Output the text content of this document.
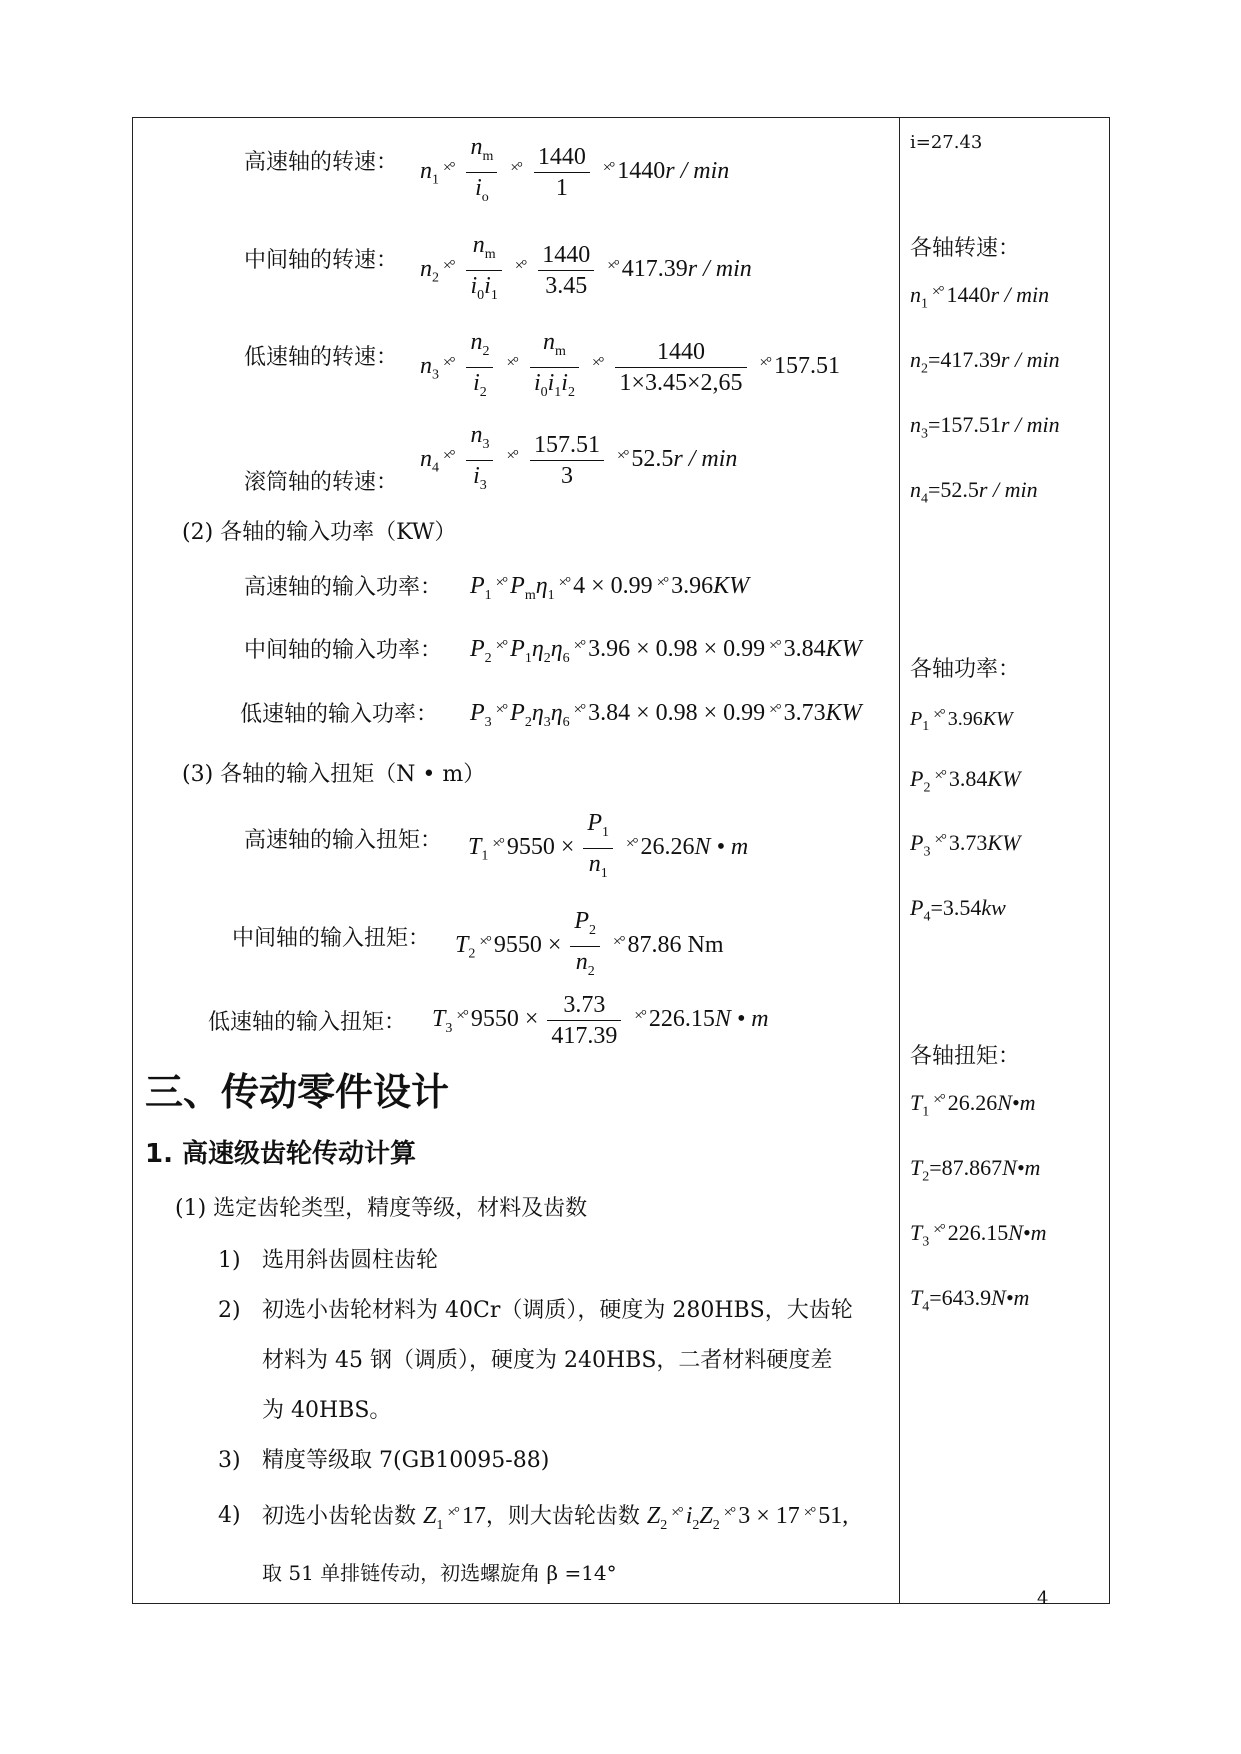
高速轴的转速： $n_1^{\times^\circ} \frac{n_m}{i_o} ^{\times^\circ} \frac{1440}{1} ^{\times^\circ}$ 1440r / min
中间轴的转速： $n_2^{\times^\circ} \frac{n_m}{i_0i_1} ^{\times^\circ} \frac{1440}{3.45} ^{\times^\circ}$ 417.39r / min
低速轴的转速： $n_3^{\times^\circ} \frac{n_2}{i_2} ^{\times^\circ} \frac{n_m}{i_0i_1i_2} ^{\times^\circ} \frac{1440}{1\times 3.45\times 2,65} ^{\times^\circ}$ 157.51
$n_4^{\times^\circ} \frac{n_3}{i_3} ^{\times^\circ} \frac{157.51}{3} ^{\times^\circ}$ 52.5r / min
滚筒轴的转速：
(2) 各轴的输入功率（KW）
高速轴的输入功率： $P_1^{\times^\circ}$ $P_m\eta_1^{\times^\circ}$ 4 × 0.99 ×° 3.96KW
中间轴的输入功率： $P_2^{\times^\circ}$ $P_1\eta_2\eta_6^{\times^\circ}$ 3.96 × 0.98 × 0.99 ×° 3.84KW
低速轴的输入功率： $P_3^{\times^\circ}$ $P_2\eta_3\eta_6^{\times^\circ}$ 3.84 × 0.98 × 0.99 ×° 3.73KW
(3) 各轴的输入扭矩（N • m）
高速轴的输入扭矩： $T_1^{\times^\circ}$ $9550 \times \frac{P_1}{n_1} ^{\times^\circ}$ 26.26N • m
中间轴的输入扭矩： $T_2^{\times^\circ}$ $9550 \times \frac{P_2}{n_2} ^{\times^\circ}$ 87.86 Nm
低速轴的输入扭矩： $T_3^{\times^\circ}$ $9550 \times \frac{3.73}{417.39} ^{\times^\circ}$ 226.15N • m
三、传动零件设计
1. 高速级齿轮传动计算
(1) 选定齿轮类型，精度等级，材料及齿数
1) 选用斜齿圆柱齿轮
2) 初选小齿轮材料为 40Cr（调质），硬度为 280HBS，大齿轮
材料为 45 钢（调质），硬度为 240HBS，二者材料硬度差
为 40HBS。
3) 精度等级取 7(GB10095-88)
4) 初选小齿轮齿数 $Z_1^{\times^\circ}$ 17，则大齿轮齿数 $Z_2^{\times^\circ}$ $i_2Z_2^{\times^\circ}$ 3 × 17 ×° 51,
取 51 单排链传动，初选螺旋角 β =14°
i=27.43
各轴转速：
$n_1^{\times^\circ}$ 1440r / min
$n_2=417.39r / \min$
$n_3=157.51r / \min$
$n_4=52.5r / \min$
各轴功率：
$P_1^{\times^\circ}$ 3.96KW
$P_2^{\times^\circ}$ 3.84KW
$P_3^{\times^\circ}$ 3.73KW
$P_4=3.54kw$
各轴扭矩：
$T_1^{\times^\circ}$ 26.26N•m
$T_2=87.867N•m$
$T_3^{\times^\circ}$ 226.15N•m
$T_4=643.9N•m$
4
